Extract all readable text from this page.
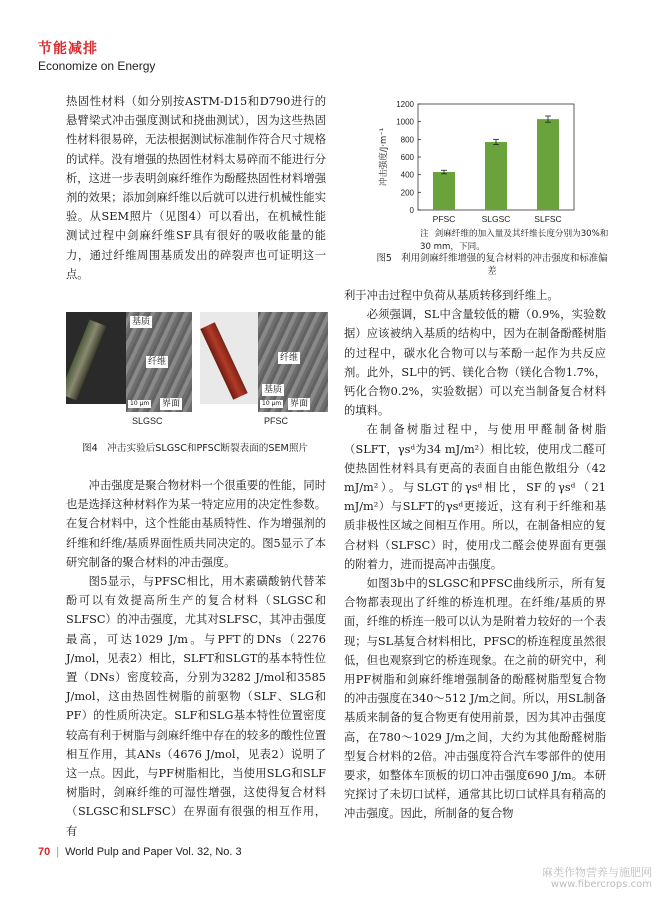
节能减排
Economize on Energy

热固性材料（如分别按ASTM-D15和D790进行的悬臂梁式冲击强度测试和挠曲测试），因为这些热固性材料很易碎，无法根据测试标准制作符合尺寸规格的试样。没有增强的热固性材料太易碎而不能进行分析，这进一步表明剑麻纤维作为酚醛热固性材料增强剂的效果；添加剑麻纤维以后就可以进行机械性能实验。从SEM照片（见图4）可以看出，在机械性能测试过程中剑麻纤维SF具有很好的吸收能量的能力，通过纤维周围基质发出的碎裂声也可证明这一点。

基质
纤维
界面
10 μm
纤维
基质
界面
10 μm
SLGSC	PFSC
图4　冲击实验后SLGSC和PFSC断裂表面的SEM照片

冲击强度是聚合物材料一个很重要的性能，同时也是选择这种材料作为某一特定应用的决定性参数。在复合材料中，这个性能由基质特性、作为增强剂的纤维和纤维/基质界面性质共同决定的。图5显示了本研究制备的聚合材料的冲击强度。

图5显示，与PFSC相比，用木素磺酸钠代替苯酚可以有效提高所生产的复合材料（SLGSC和SLFSC）的冲击强度，尤其对SLFSC，其冲击强度最高，可达1029 J/m。与PFT的DNs（2276 J/mol，见表2）相比，SLFT和SLGT的基本特性位置（DNs）密度较高，分别为3282 J/mol和3585 J/mol，这由热固性树脂的前驱物（SLF、SLG和PF）的性质所决定。SLF和SLG基本特性位置密度较高有利于树脂与剑麻纤维中存在的较多的酸性位置相互作用，其ANs（4676 J/mol，见表2）说明了这一点。因此，与PF树脂相比，当使用SLG和SLF树脂时，剑麻纤维的可湿性增强，这使得复合材料（SLGSC和SLFSC）在界面有很强的相互作用，有

0
200
400
600
800
1000
1200
冲击强度/J·m⁻¹
PFSC	SLGSC	SLFSC
注 剑麻纤维的加入量及其纤维长度分别为30%和30 mm，下同。
图5　利用剑麻纤维增强的复合材料的冲击强度和标准偏差

利于冲击过程中负荷从基质转移到纤维上。

必须强调，SL中含量较低的糖（0.9%，实验数据）应该被纳入基质的结构中，因为在制备酚醛树脂的过程中，碳水化合物可以与苯酚一起作为共反应剂。此外，SL中的钙、镁化合物（镁化合物1.7%，钙化合物0.2%，实验数据）可以充当制备复合材料的填料。

在制备树脂过程中，与使用甲醛制备树脂（SLFT，γsᵈ为34 mJ/m²）相比较，使用戊二醛可使热固性材料具有更高的表面自由能色散组分（42 mJ/m²）。与SLGT的γsᵈ相比，SF的γsᵈ（21 mJ/m²）与SLFT的γsᵈ更接近，这有利于纤维和基质非极性区域之间相互作用。所以，在制备相应的复合材料（SLFSC）时，使用戊二醛会使界面有更强的附着力，进而提高冲击强度。

如图3b中的SLGSC和PFSC曲线所示，所有复合物都表现出了纤维的桥连机理。在纤维/基质的界面，纤维的桥连一般可以认为是附着力较好的一个表现；与SL基复合材料相比，PFSC的桥连程度虽然很低，但也观察到它的桥连现象。在之前的研究中，利用PF树脂和剑麻纤维增强制备的酚醛树脂型复合物的冲击强度在340～512 J/m之间。所以，用SL制备基质来制备的复合物更有使用前景，因为其冲击强度高，在780～1029 J/m之间，大约为其他酚醛树脂型复合材料的2倍。冲击强度符合汽车零部件的使用要求，如整体车顶板的切口冲击强度690 J/m。本研究探讨了未切口试样，通常其比切口试样具有稍高的冲击强度。因此，所制备的复合物

70 | World Pulp and Paper Vol. 32, No. 3
麻类作物营养与施肥网
www.fibercrops.com
